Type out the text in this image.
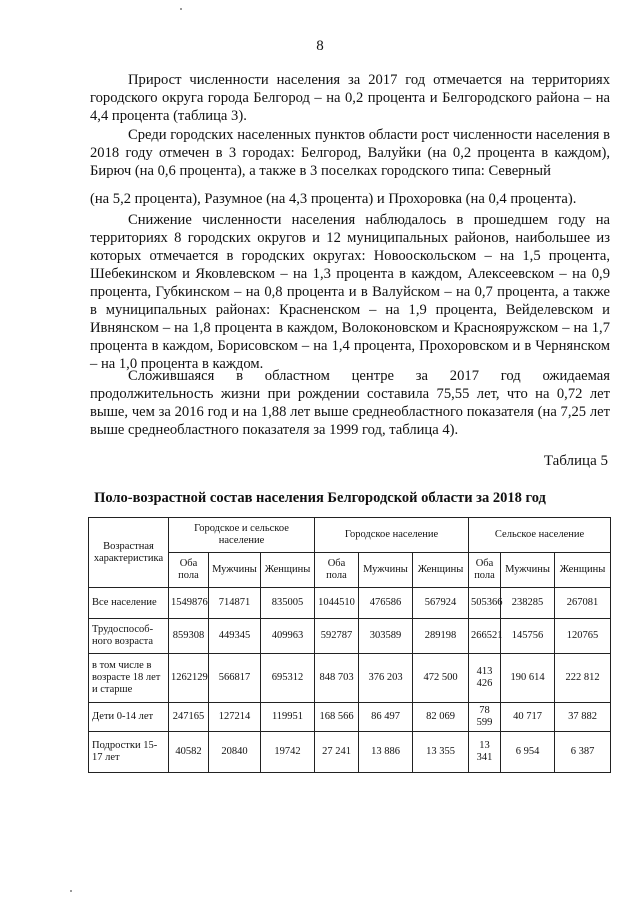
8

Прирост численности населения за 2017 год отмечается на территориях городского округа города Белгород – на 0,2 процента и Белгородского района – на 4,4 процента (таблица 3).

Среди городских населенных пунктов области рост численности населения в 2018 году отмечен в 3 городах: Белгород, Валуйки (на 0,2 процента в каждом), Бирюч (на 0,6 процента), а также в 3 поселках городского типа: Северный

(на 5,2 процента), Разумное (на 4,3 процента) и Прохоровка (на 0,4 процента).

Снижение численности населения наблюдалось в прошедшем году на территориях 8 городских округов и 12 муниципальных районов, наибольшее из которых отмечается в городских округах: Новооскольском – на 1,5 процента, Шебекинском и Яковлевском – на 1,3 процента в каждом, Алексеевском – на 0,9 процента, Губкинском – на 0,8 процента и в Валуйском – на 0,7 процента, а также в муниципальных районах: Красненском – на 1,9 процента, Вейделевском и Ивнянском – на 1,8 процента в каждом, Волоконовском и Краснояружском – на 1,7 процента в каждом, Борисовском – на 1,4 процента, Прохоровском и в Чернянском – на 1,0 процента в каждом.

Сложившаяся в областном центре за 2017 год ожидаемая продолжительность жизни при рождении составила 75,55 лет, что на 0,72 лет выше, чем за 2016 год и на 1,88 лет выше среднеобластного показателя (на 7,25 лет выше среднеобластного показателя за 1999 год, таблица 4).

Таблица 5
Поло-возрастной состав населения Белгородской области за 2018 год
Возрастная характеристика	Городское и сельское население			Городское население			Сельское население		
	Оба пола	Мужчины	Женщины	Оба пола	Мужчины	Женщины	Оба пола	Мужчины	Женщины
Все население	1549876	714871	835005	1044510	476586	567924	505366	238285	267081
Трудоспособ-ного возраста	859308	449345	409963	592787	303589	289198	266521	145756	120765
в том числе в возрасте 18 лет и старше	1262129	566817	695312	848 703	376 203	472 500	413 426	190 614	222 812
Дети 0-14 лет	247165	127214	119951	168 566	86 497	82 069	78 599	40 717	37 882
Подростки 15-17 лет	40582	20840	19742	27 241	13 886	13 355	13 341	6 954	6 387
